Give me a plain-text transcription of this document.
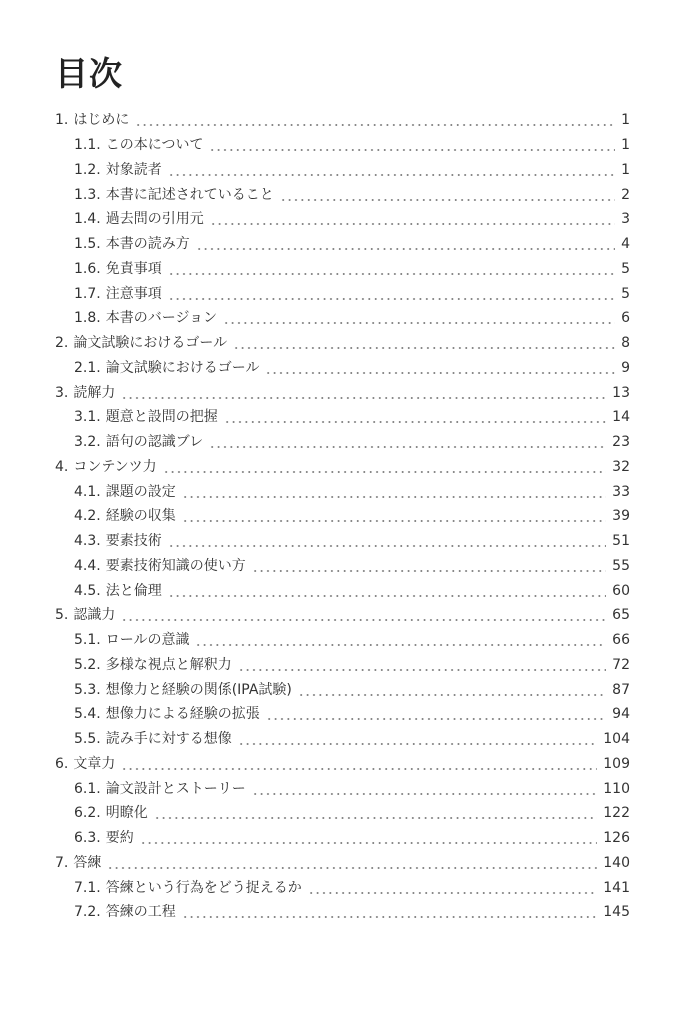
目次
1. はじめに	1
1.1. この本について	1
1.2. 対象読者	1
1.3. 本書に記述されていること	2
1.4. 過去問の引用元	3
1.5. 本書の読み方	4
1.6. 免責事項	5
1.7. 注意事項	5
1.8. 本書のバージョン	6
2. 論文試験におけるゴール	8
2.1. 論文試験におけるゴール	9
3. 読解力	13
3.1. 題意と設問の把握	14
3.2. 語句の認識ブレ	23
4. コンテンツ力	32
4.1. 課題の設定	33
4.2. 経験の収集	39
4.3. 要素技術	51
4.4. 要素技術知識の使い方	55
4.5. 法と倫理	60
5. 認識力	65
5.1. ロールの意識	66
5.2. 多様な視点と解釈力	72
5.3. 想像力と経験の関係(IPA試験)	87
5.4. 想像力による経験の拡張	94
5.5. 読み手に対する想像	104
6. 文章力	109
6.1. 論文設計とストーリー	110
6.2. 明瞭化	122
6.3. 要約	126
7. 答練	140
7.1. 答練という行為をどう捉えるか	141
7.2. 答練の工程	145
